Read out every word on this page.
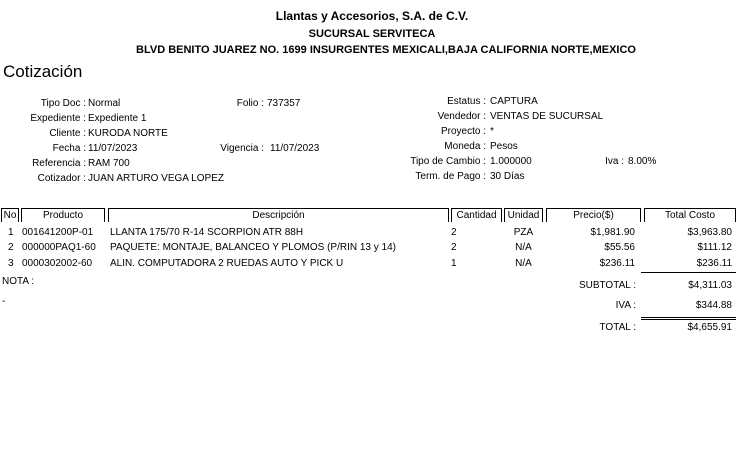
Llantas y Accesorios, S.A. de C.V.
SUCURSAL SERVITECA
BLVD BENITO JUAREZ NO. 1699 INSURGENTES MEXICALI,BAJA CALIFORNIA NORTE,MEXICO
Cotización
Tipo Doc : Normal
Expediente : Expediente 1
Cliente : KURODA NORTE
Fecha : 11/07/2023
Referencia : RAM 700
Cotizador : JUAN ARTURO VEGA LOPEZ
Folio : 737357
Vigencia : 11/07/2023
Estatus : CAPTURA
Vendedor : VENTAS DE SUCURSAL
Proyecto : *
Moneda : Pesos
Tipo de Cambio : 1.000000	Iva : 8.00%
Term. de Pago : 30 Días
No	Producto	Descripción	Cantidad	Unidad	Precio($)	Total Costo
1 001641200P-01 LLANTA 175/70 R-14 SCORPION ATR 88H	2	PZA	$1,981.90	$3,963.80
2 000000PAQ1-60 PAQUETE: MONTAJE, BALANCEO Y PLOMOS (P/RIN 13 y 14)	2	N/A	$55.56	$111.12
3 0000302002-60 ALIN. COMPUTADORA 2 RUEDAS AUTO Y PICK U	1	N/A	$236.11	$236.11
NOTA :
-
SUBTOTAL :	$4,311.03
IVA :	$344.88
TOTAL :	$4,655.91
